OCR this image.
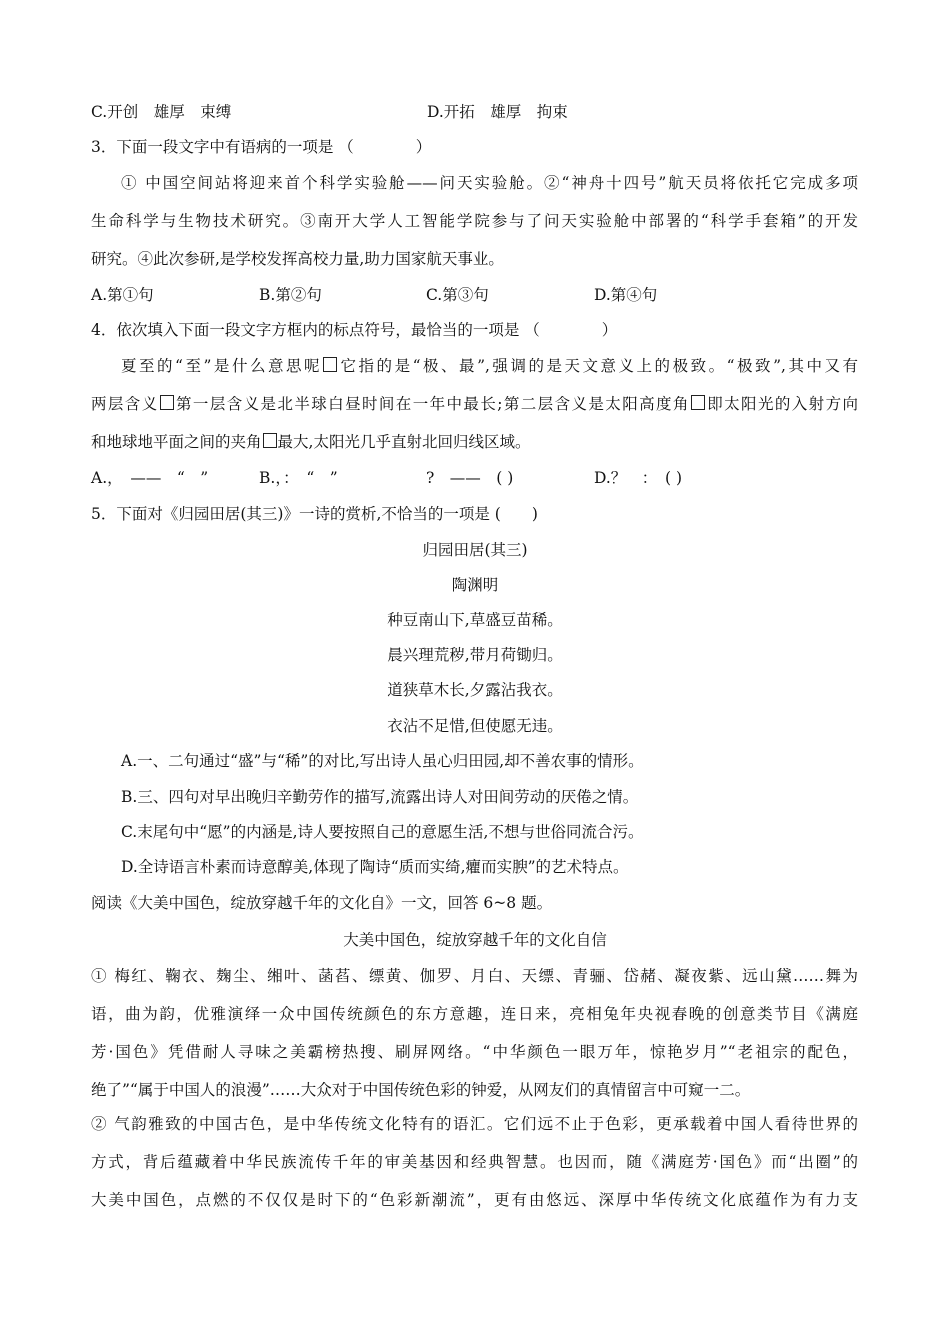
C.开创　雄厚　束缚	D.开拓　雄厚　拘束
3．下面一段文字中有语病的一项是 （　　　　）
① 中国空间站将迎来首个科学实验舱——问天实验舱。②“神舟十四号”航天员将依托它完成多项
生命科学与生物技术研究。③南开大学人工智能学院参与了问天实验舱中部署的“科学手套箱”的开发
研究。④此次参研,是学校发挥高校力量,助力国家航天事业。
A.第①句	B.第②句	C.第③句	D.第④句
4．依次填入下面一段文字方框内的标点符号，最恰当的一项是 （　　　　）
夏至的“至”是什么意思呢 它指的是“极、最”,强调的是天文意义上的极致。“极致”,其中又有
两层含义 第一层含义是北半球白昼时间在一年中最长;第二层含义是太阳高度角 即太阳光的入射方向
和地球地平面之间的夹角 最大,太阳光几乎直射北回归线区域。
A.，　——　“　”	B.，：　“　”	?　——　( )	D.？　：　( )
5．下面对《归园田居(其三)》一诗的赏析,不恰当的一项是 (　　)
归园田居(其三)
陶渊明
种豆南山下,草盛豆苗稀。
晨兴理荒秽,带月荷锄归。
道狭草木长,夕露沾我衣。
衣沾不足惜,但使愿无违。
A.一、二句通过“盛”与“稀”的对比,写出诗人虽心归田园,却不善农事的情形。
B.三、四句对早出晚归辛勤劳作的描写,流露出诗人对田间劳动的厌倦之情。
C.末尾句中“愿”的内涵是,诗人要按照自己的意愿生活,不想与世俗同流合污。
D.全诗语言朴素而诗意醇美,体现了陶诗“质而实绮,癯而实腴”的艺术特点。
阅读《大美中国色，绽放穿越千年的文化自》一文，回答 6~8 题。
大美中国色，绽放穿越千年的文化自信
① 梅红、鞠衣、麹尘、缃叶、菡萏、缥黄、伽罗、月白、天缥、青骊、岱赭、凝夜紫、远山黛……舞为
语，曲为韵，优雅演绎一众中国传统颜色的东方意趣，连日来，亮相兔年央视春晚的创意类节目《满庭
芳·国色》凭借耐人寻味之美霸榜热搜、刷屏网络。“中华颜色一眼万年，惊艳岁月”“老祖宗的配色，
绝了”“属于中国人的浪漫”……大众对于中国传统色彩的钟爱，从网友们的真情留言中可窥一二。
② 气韵雅致的中国古色，是中华传统文化特有的语汇。它们远不止于色彩，更承载着中国人看待世界的
方式，背后蕴藏着中华民族流传千年的审美基因和经典智慧。也因而，随《满庭芳·国色》而“出圈”的
大美中国色，点燃的不仅仅是时下的“色彩新潮流”，更有由悠远、深厚中华传统文化底蕴作为有力支
